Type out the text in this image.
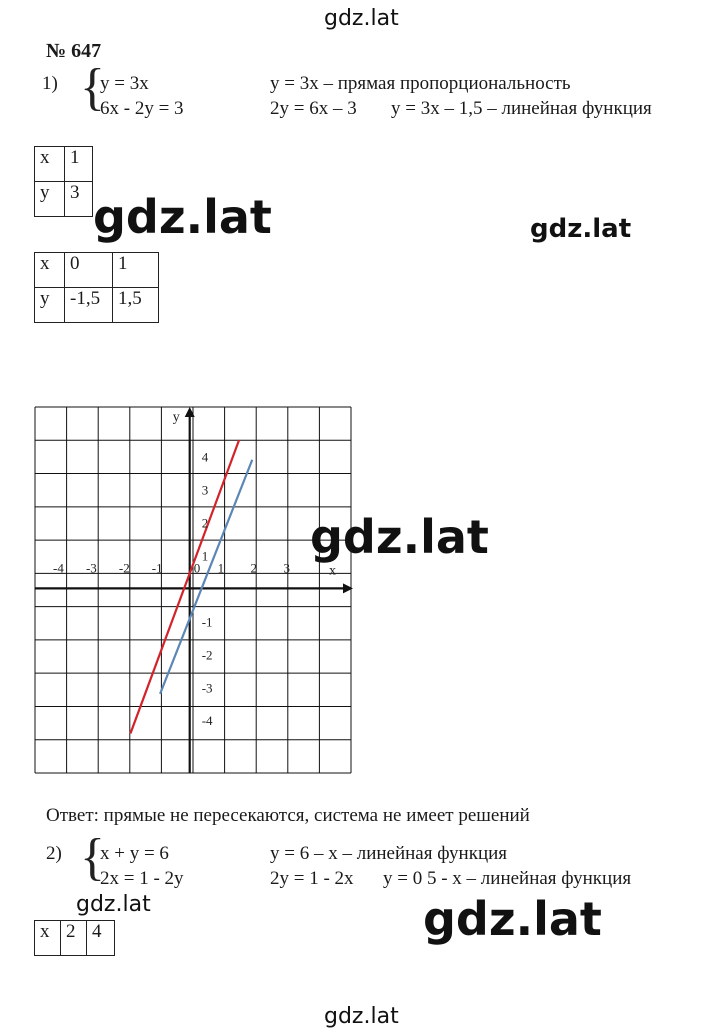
gdz.lat
№ 647
1) {
y = 3x
6x - 2y = 3
y = 3x – прямая пропорциональность
2y = 6x – 3 y = 3x – 1,5 – линейная функция
x	1
y	3 gdz.lat	gdz.lat
x	0	1
y	-1,5	1,5
y
x
-4 -3 -2 -1 0 1 2 3
4
3
2
1
-1
-2
-3
-4
gdz.lat
Ответ: прямые не пересекаются, система не имеет решений
2) {
x + y = 6
2x = 1 - 2y
y = 6 – x – линейная функция
2y = 1 - 2x y = 0 5 - x – линейная функция
gdz.lat	gdz.lat
x	2	4
gdz.lat
